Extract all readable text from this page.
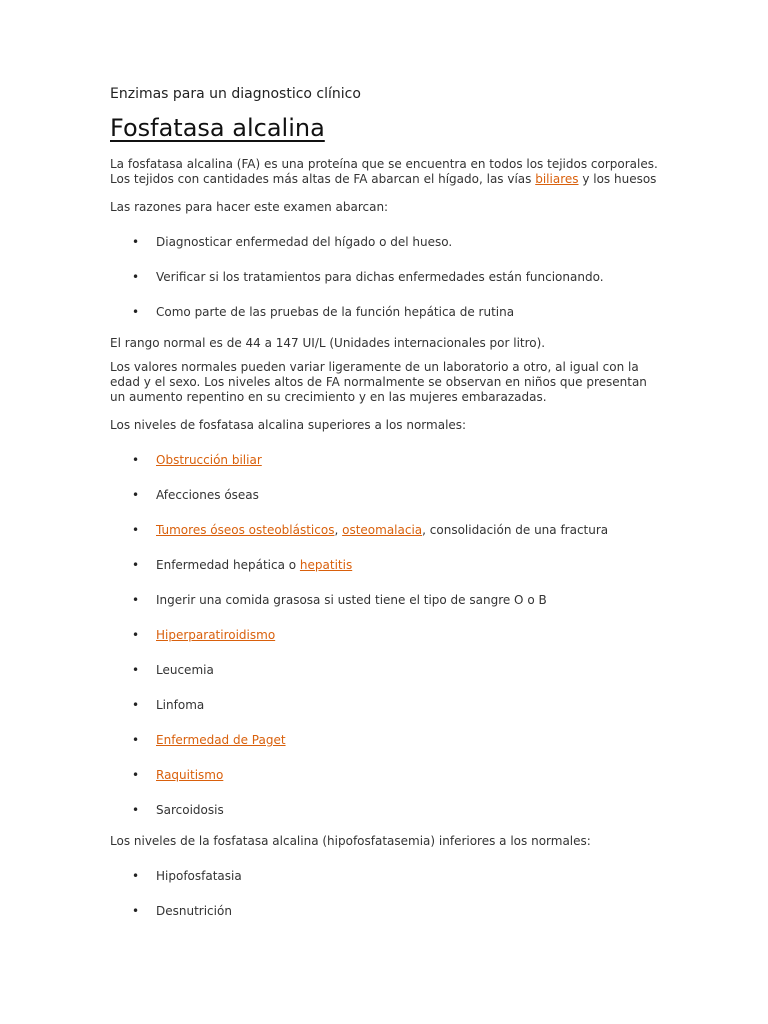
Enzimas para un diagnostico clínico

Fosfatasa alcalina

La fosfatasa alcalina (FA) es una proteína que se encuentra en todos los tejidos corporales. Los tejidos con cantidades más altas de FA abarcan el hígado, las vías biliares y los huesos

Las razones para hacer este examen abarcan:

• Diagnosticar enfermedad del hígado o del hueso.
• Verificar si los tratamientos para dichas enfermedades están funcionando.
• Como parte de las pruebas de la función hepática de rutina

El rango normal es de 44 a 147 UI/L (Unidades internacionales por litro).

Los valores normales pueden variar ligeramente de un laboratorio a otro, al igual con la edad y el sexo. Los niveles altos de FA normalmente se observan en niños que presentan un aumento repentino en su crecimiento y en las mujeres embarazadas.

Los niveles de fosfatasa alcalina superiores a los normales:

• Obstrucción biliar
• Afecciones óseas
• Tumores óseos osteoblásticos, osteomalacia, consolidación de una fractura
• Enfermedad hepática o hepatitis
• Ingerir una comida grasosa si usted tiene el tipo de sangre O o B
• Hiperparatiroidismo
• Leucemia
• Linfoma
• Enfermedad de Paget
• Raquitismo
• Sarcoidosis

Los niveles de la fosfatasa alcalina (hipofosfatasemia) inferiores a los normales:

• Hipofosfatasia
• Desnutrición
